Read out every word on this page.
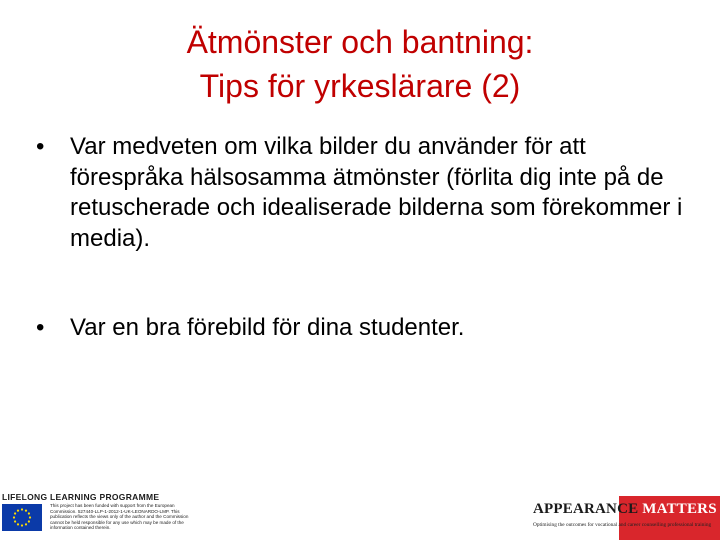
Ätmönster och bantning:
Tips för yrkeslärare (2)

•	Var medveten om vilka bilder du använder för att förespråka hälsosamma ätmönster (förlita dig inte på de retuscherade och idealiserade bilderna som förekommer i media).

•	Var en bra förebild för dina studenter.

LIFELONG LEARNING PROGRAMME
This project has been funded with support from the European Commission. 527440-LLP-1-2012-1-UK-LEONARDO-LMP. This publication reflects the views only of the author and the Commission cannot be held responsible for any use which may be made of the information contained therein.
APPEARANCE MATTERS
Optimising the outcomes for vocational and career counselling professional training
